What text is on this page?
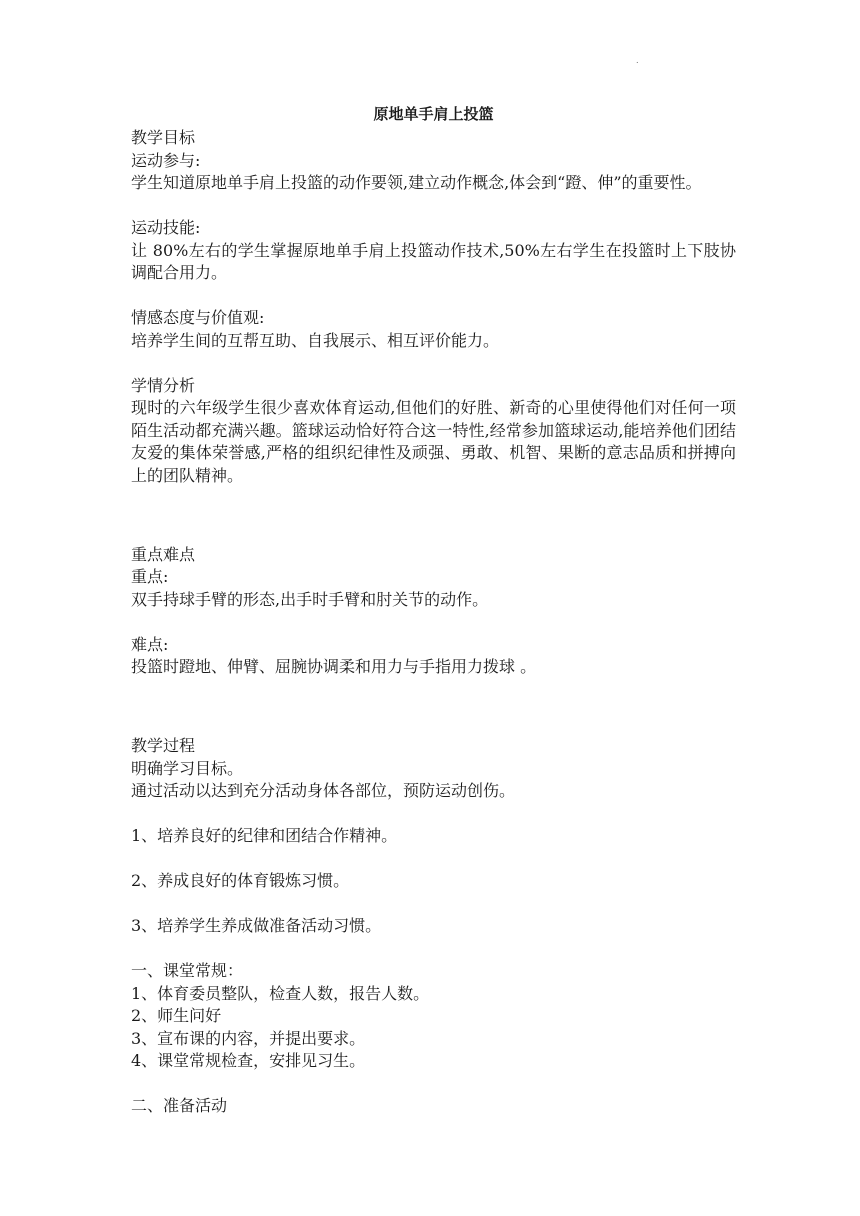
.
原地单手肩上投篮
教学目标
运动参与:
学生知道原地单手肩上投篮的动作要领,建立动作概念,体会到“蹬、伸”的重要性。
运动技能:
让 80%左右的学生掌握原地单手肩上投篮动作技术,50%左右学生在投篮时上下肢协调配合用力。
情感态度与价值观:
培养学生间的互帮互助、自我展示、相互评价能力。
学情分析
现时的六年级学生很少喜欢体育运动,但他们的好胜、新奇的心里使得他们对任何一项陌生活动都充满兴趣。篮球运动恰好符合这一特性,经常参加篮球运动,能培养他们团结友爱的集体荣誉感,严格的组织纪律性及顽强、勇敢、机智、果断的意志品质和拼搏向上的团队精神。
重点难点
重点:
双手持球手臂的形态,出手时手臂和肘关节的动作。
难点:
投篮时蹬地、伸臂、屈腕协调柔和用力与手指用力拨球 。
教学过程
明确学习目标。
通过活动以达到充分活动身体各部位，预防运动创伤。
1、培养良好的纪律和团结合作精神。
2、养成良好的体育锻炼习惯。
3、培养学生养成做准备活动习惯。
一、课堂常规：
1、体育委员整队，检查人数，报告人数。
2、师生问好
3、宣布课的内容，并提出要求。
4、课堂常规检查，安排见习生。
二、准备活动
